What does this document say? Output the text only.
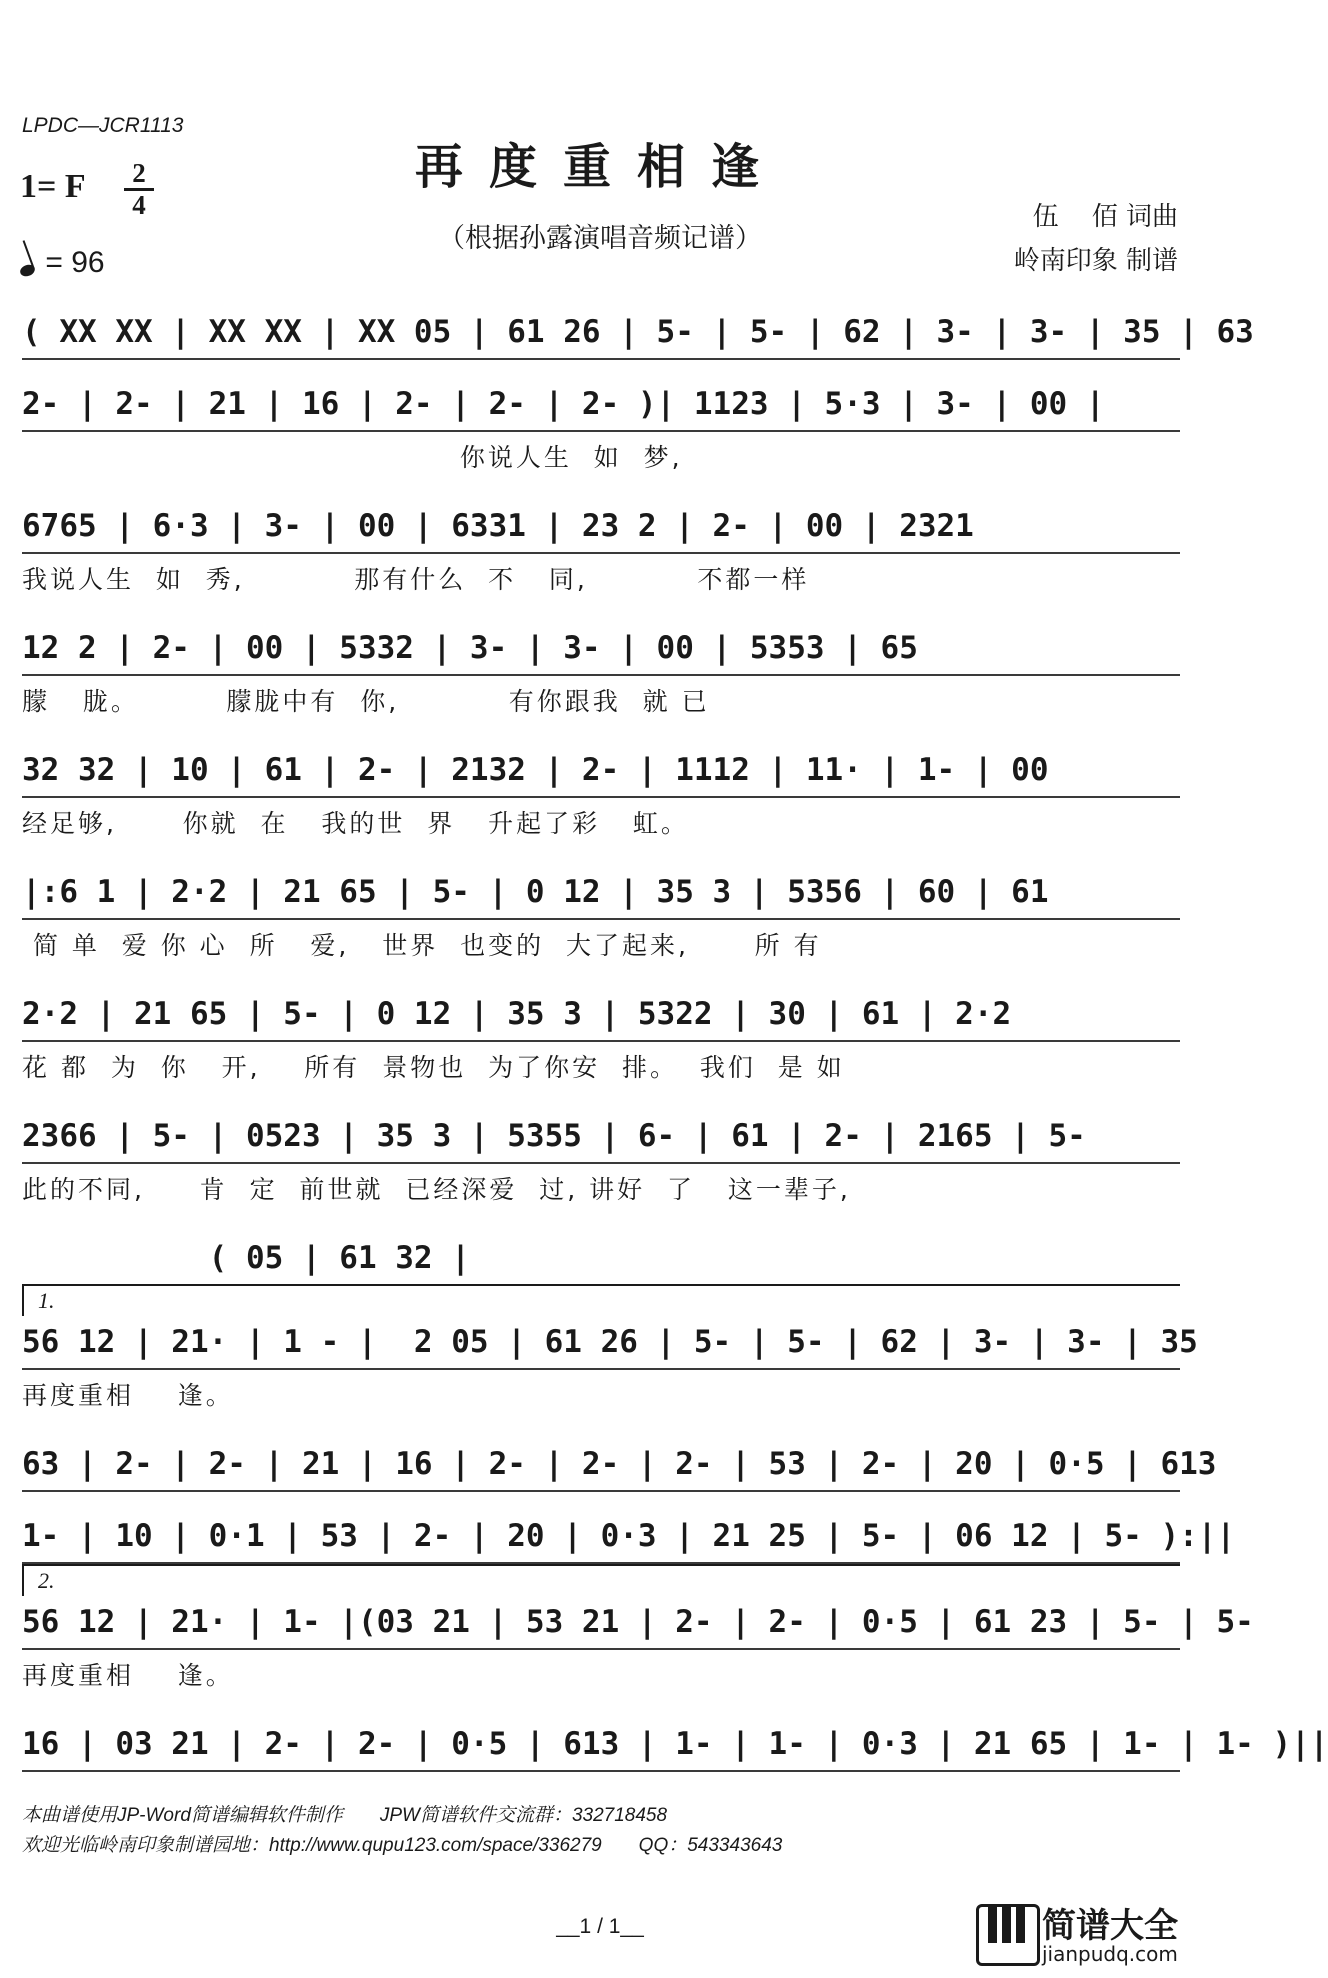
LPDC—JCR1113
再度重相逢
（根据孙露演唱音频记谱）
1= F	2
4
= 96
伍    佰 词曲
岭南印象 制谱
( XX XX | XX XX | XX 05 | 61 26 | 5- | 5- | 62 | 3- | 3- | 35 | 63
2- | 2- | 21 | 16 | 2- | 2- | 2- )| 1123 | 5·3 | 3- | 00 |
你说人生  如  梦,
6765 | 6·3 | 3- | 00 | 6331 | 23 2 | 2- | 00 | 2321
我说人生  如  秀,          那有什么  不   同,          不都一样
12 2 | 2- | 00 | 5332 | 3- | 3- | 00 | 5353 | 65
朦   胧。        朦胧中有  你,          有你跟我  就 已
32 32 | 10 | 61 | 2- | 2132 | 2- | 1112 | 11· | 1- | 00
经足够,      你就  在   我的世  界   升起了彩   虹。
|:6 1 | 2·2 | 21 65 | 5- | 0 12 | 35 3 | 5356 | 60 | 61
简 单  爱 你 心  所   爱,   世界  也变的  大了起来,      所 有
2·2 | 21 65 | 5- | 0 12 | 35 3 | 5322 | 30 | 61 | 2·2
花 都  为  你   开,    所有  景物也  为了你安  排。  我们  是 如
2366 | 5- | 0523 | 35 3 | 5355 | 6- | 61 | 2- | 2165 | 5-
此的不同,     肯  定  前世就  已经深爱  过, 讲好  了   这一辈子,
( 05 | 61 32 |
1.
56 12 | 21· | 1 - |  2 05 | 61 26 | 5- | 5- | 62 | 3- | 3- | 35
再度重相    逢。
63 | 2- | 2- | 21 | 16 | 2- | 2- | 2- | 53 | 2- | 20 | 0·5 | 613
1- | 10 | 0·1 | 53 | 2- | 20 | 0·3 | 21 25 | 5- | 06 12 | 5- ):||
2.
56 12 | 21· | 1- |(03 21 | 53 21 | 2- | 2- | 0·5 | 61 23 | 5- | 5-
再度重相    逢。
16 | 03 21 | 2- | 2- | 0·5 | 613 | 1- | 1- | 0·3 | 21 65 | 1- | 1- )||
本曲谱使用JP-Word简谱编辑软件制作       JPW简谱软件交流群：332718458
欢迎光临岭南印象制谱园地：http://www.qupu123.com/space/336279       QQ：543343643
__1 / 1__	简谱大全
jianpudq.com
